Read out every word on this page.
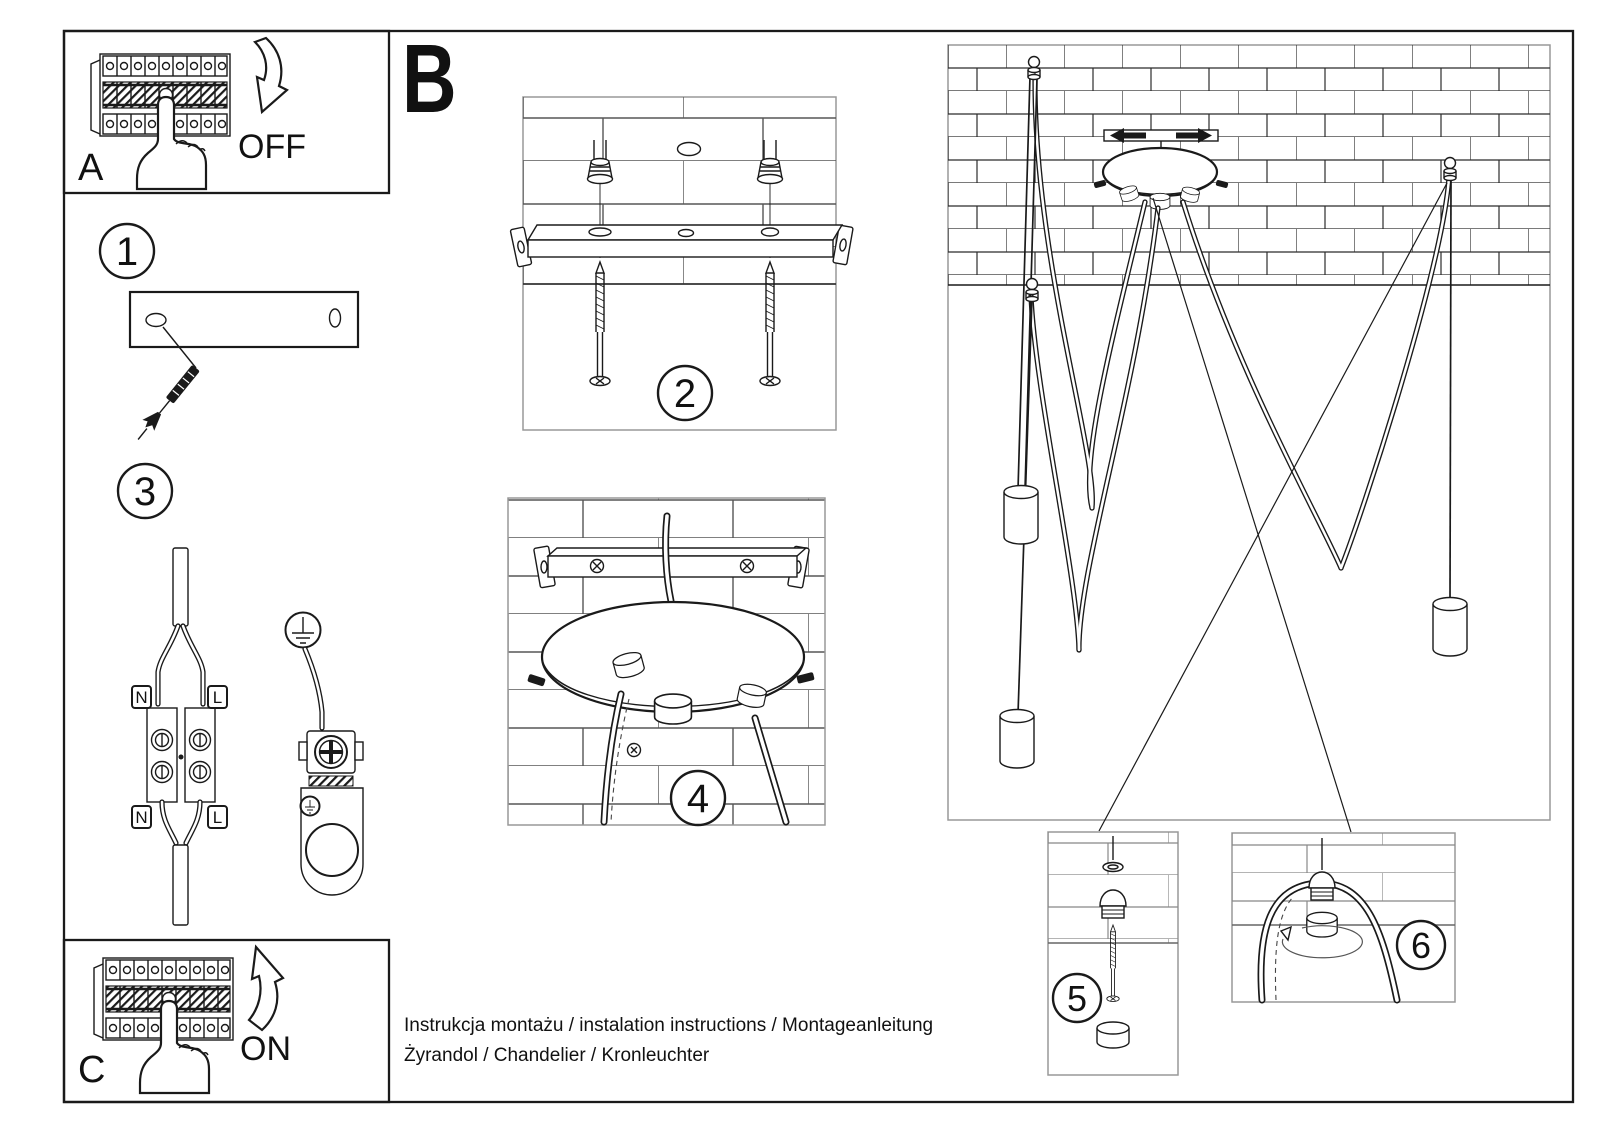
A	OFF
1
3
N	L
N	L
C	ON
B
2
4
5
6
Instrukcja montażu / instalation instructions / Montageanleitung
Żyrandol / Chandelier / Kronleuchter
